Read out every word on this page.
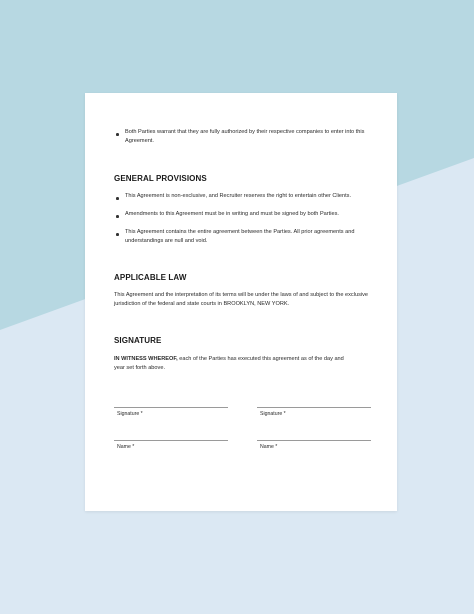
Both Parties warrant that they are fully authorized by their respective companies to enter into this Agreement.
GENERAL PROVISIONS
This Agreement is non-exclusive, and Recruiter reserves the right to entertain other Clients.
Amendments to this Agreement must be in writing and must be signed by both Parties.
This Agreement contains the entire agreement between the Parties. All prior agreements and understandings are null and void.
APPLICABLE LAW
This Agreement and the interpretation of its terms will be under the laws of and subject to the exclusive jurisdiction of the federal and state courts in BROOKLYN, NEW YORK.
SIGNATURE
IN WITNESS WHEREOF, each of the Parties has executed this agreement as of the day and year set forth above.
Signature *
Name *
Signature *
Name *
